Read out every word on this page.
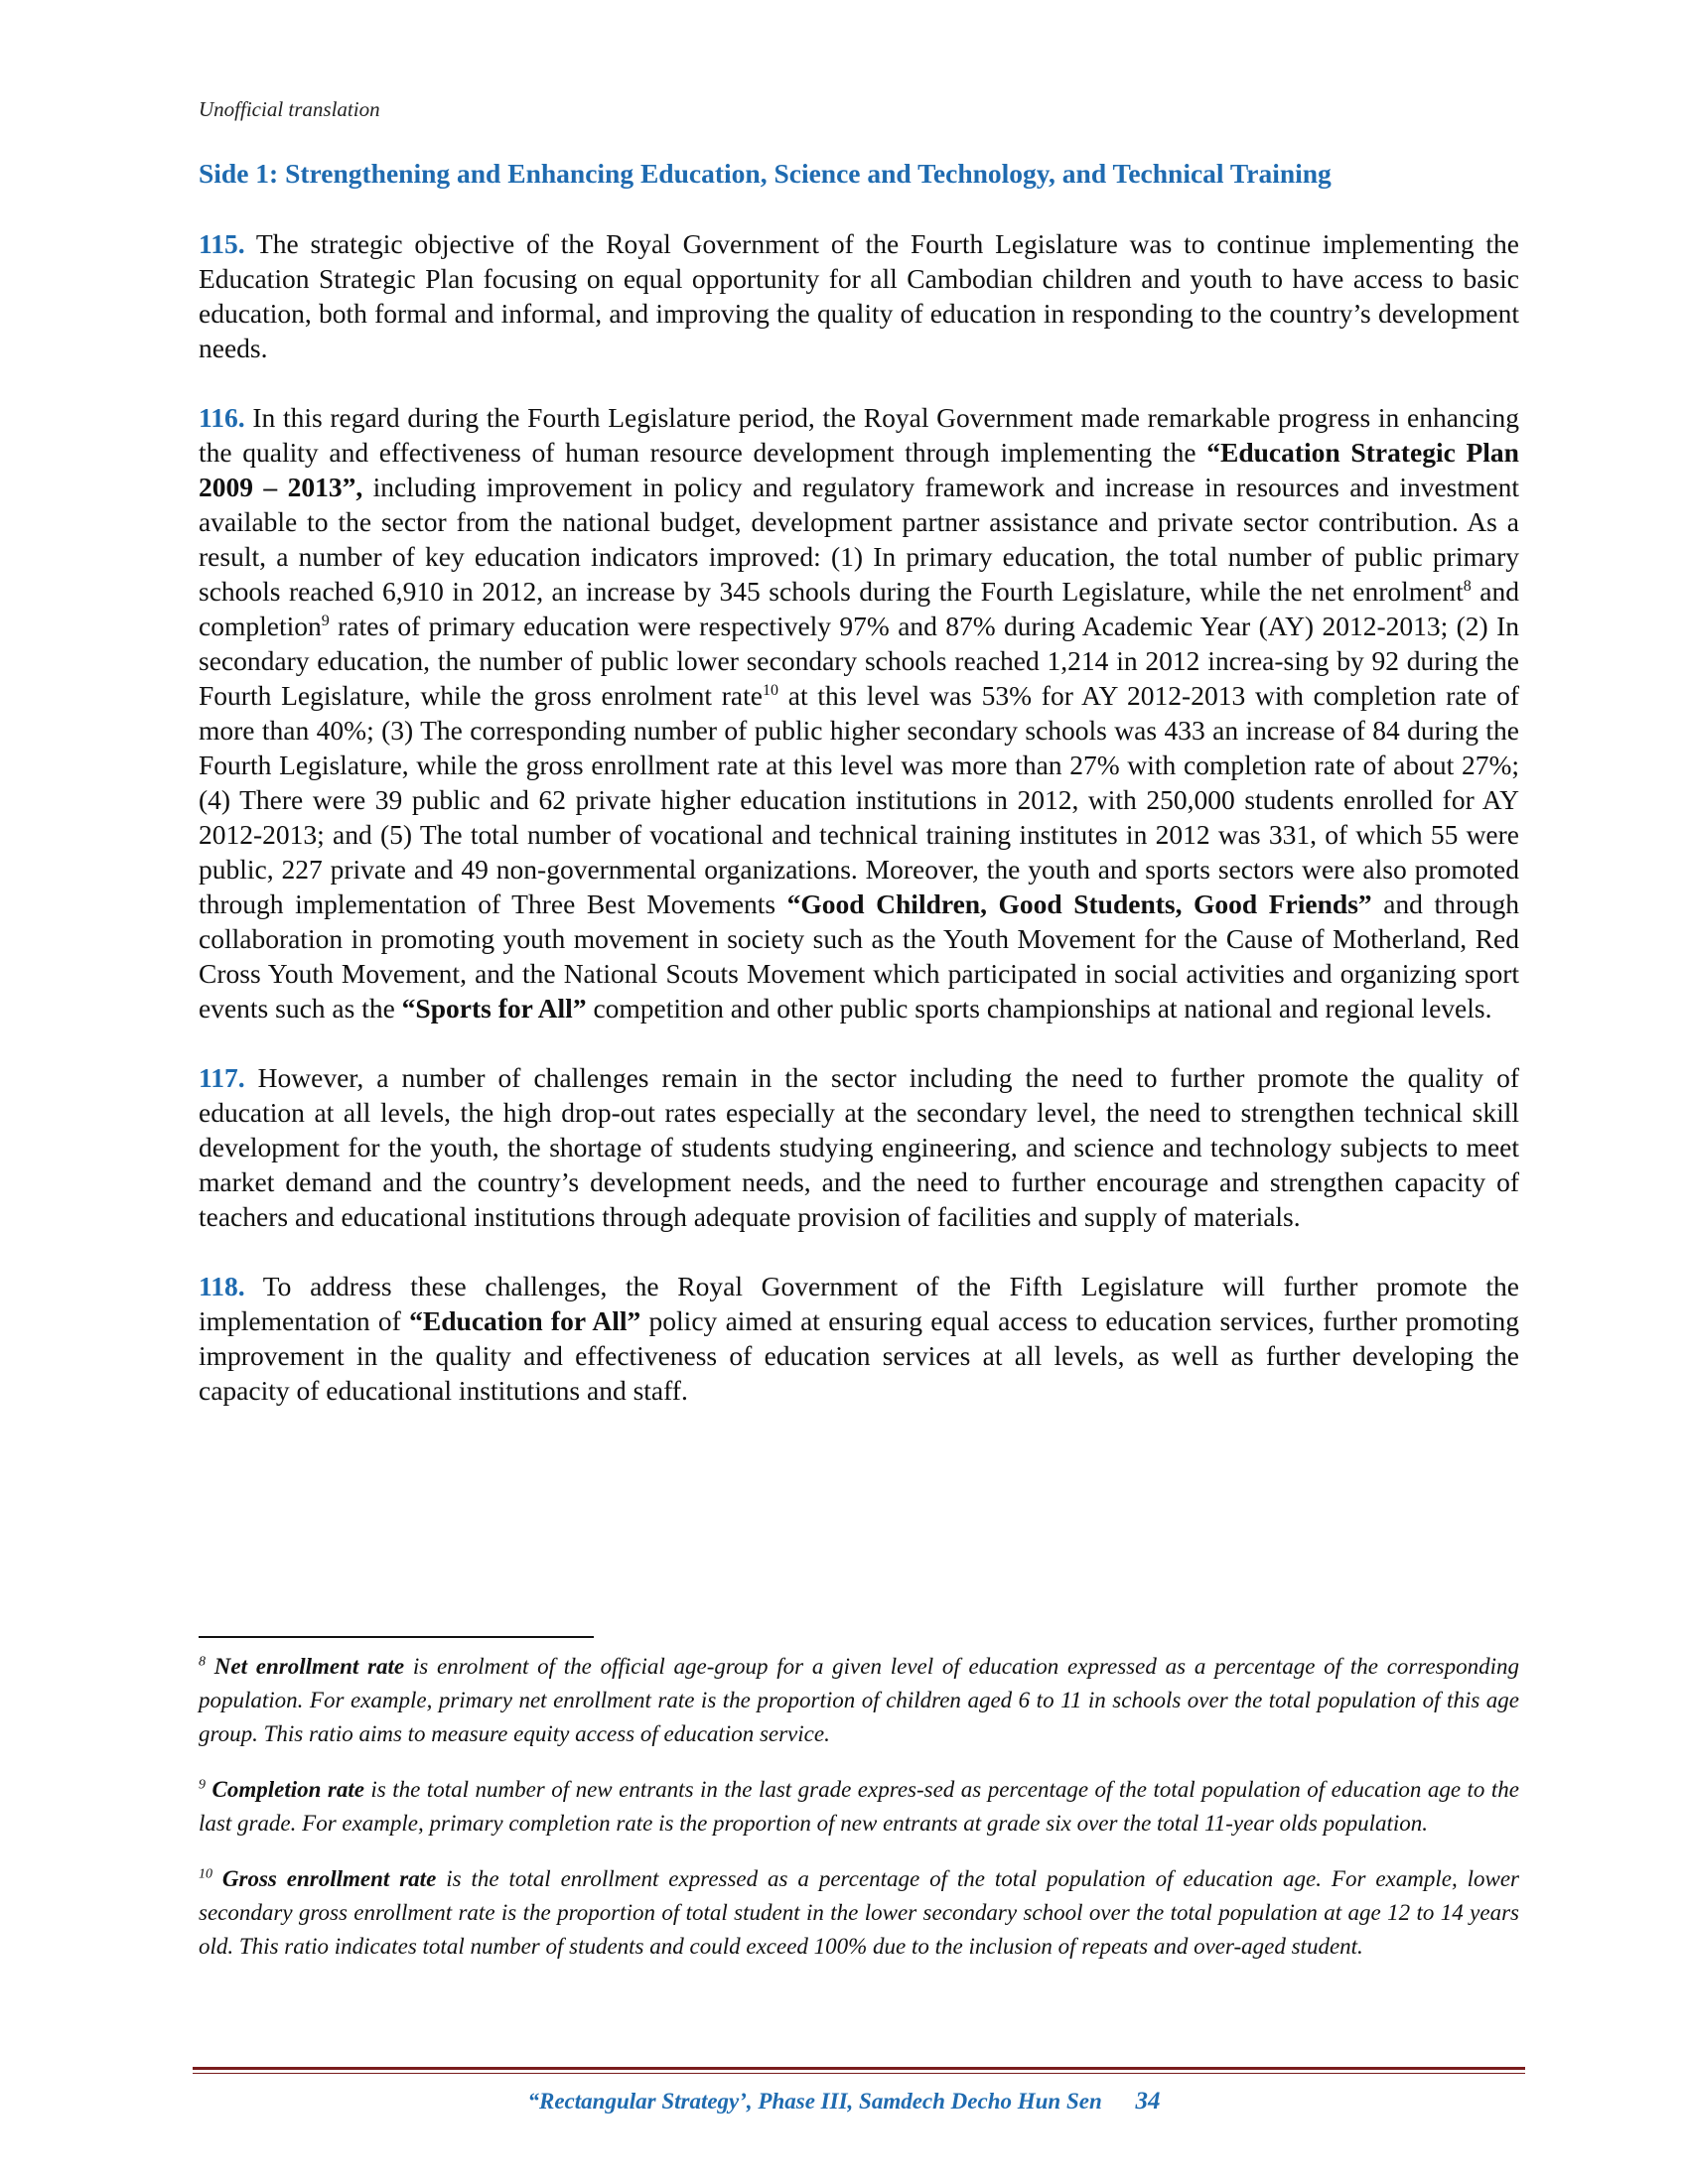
Unofficial translation
Side 1: Strengthening and Enhancing Education, Science and Technology, and Technical Training

115. The strategic objective of the Royal Government of the Fourth Legislature was to continue implementing the Education Strategic Plan focusing on equal opportunity for all Cambodian children and youth to have access to basic education, both formal and informal, and improving the quality of education in responding to the country’s development needs.

116. In this regard during the Fourth Legislature period, the Royal Government made remarkable progress in enhancing the quality and effectiveness of human resource development through implementing the “Education Strategic Plan 2009 – 2013”, including improvement in policy and regulatory framework and increase in resources and investment available to the sector from the national budget, development partner assistance and private sector contribution. As a result, a number of key education indicators improved: (1) In primary education, the total number of public primary schools reached 6,910 in 2012, an increase by 345 schools during the Fourth Legislature, while the net enrolment$^8$ and completion$^9$ rates of primary education were respectively 97% and 87% during Academic Year (AY) 2012-2013; (2) In secondary education, the number of public lower secondary schools reached 1,214 in 2012 increa-sing by 92 during the Fourth Legislature, while the gross enrolment rate$^{10}$ at this level was 53% for AY 2012-2013 with completion rate of more than 40%; (3) The corresponding number of public higher secondary schools was 433 an increase of 84 during the Fourth Legislature, while the gross enrollment rate at this level was more than 27% with completion rate of about 27%; (4) There were 39 public and 62 private higher education institutions in 2012, with 250,000 students enrolled for AY 2012-2013; and (5) The total number of vocational and technical training institutes in 2012 was 331, of which 55 were public, 227 private and 49 non-governmental organizations. Moreover, the youth and sports sectors were also promoted through implementation of Three Best Movements “Good Children, Good Students, Good Friends” and through collaboration in promoting youth movement in society such as the Youth Movement for the Cause of Motherland, Red Cross Youth Movement, and the National Scouts Movement which participated in social activities and organizing sport events such as the “Sports for All” competition and other public sports championships at national and regional levels.

117. However, a number of challenges remain in the sector including the need to further promote the quality of education at all levels, the high drop-out rates especially at the secondary level, the need to strengthen technical skill development for the youth, the shortage of students studying engineering, and science and technology subjects to meet market demand and the country’s development needs, and the need to further encourage and strengthen capacity of teachers and educational institutions through adequate provision of facilities and supply of materials.

118. To address these challenges, the Royal Government of the Fifth Legislature will further promote the implementation of “Education for All” policy aimed at ensuring equal access to education services, further promoting improvement in the quality and effectiveness of education services at all levels, as well as further developing the capacity of educational institutions and staff.

$^8$ Net enrollment rate is enrolment of the official age-group for a given level of education expressed as a percentage of the corresponding population. For example, primary net enrollment rate is the proportion of children aged 6 to 11 in schools over the total population of this age group. This ratio aims to measure equity access of education service.

$^9$ Completion rate is the total number of new entrants in the last grade expres-sed as percentage of the total population of education age to the last grade. For example, primary completion rate is the proportion of new entrants at grade six over the total 11-year olds population.

$^{10}$ Gross enrollment rate is the total enrollment expressed as a percentage of the total population of education age. For example, lower secondary gross enrollment rate is the proportion of total student in the lower secondary school over the total population at age 12 to 14 years old. This ratio indicates total number of students and could exceed 100% due to the inclusion of repeats and over-aged student.

“Rectangular Strategy’, Phase III, Samdech Decho Hun Sen 34
